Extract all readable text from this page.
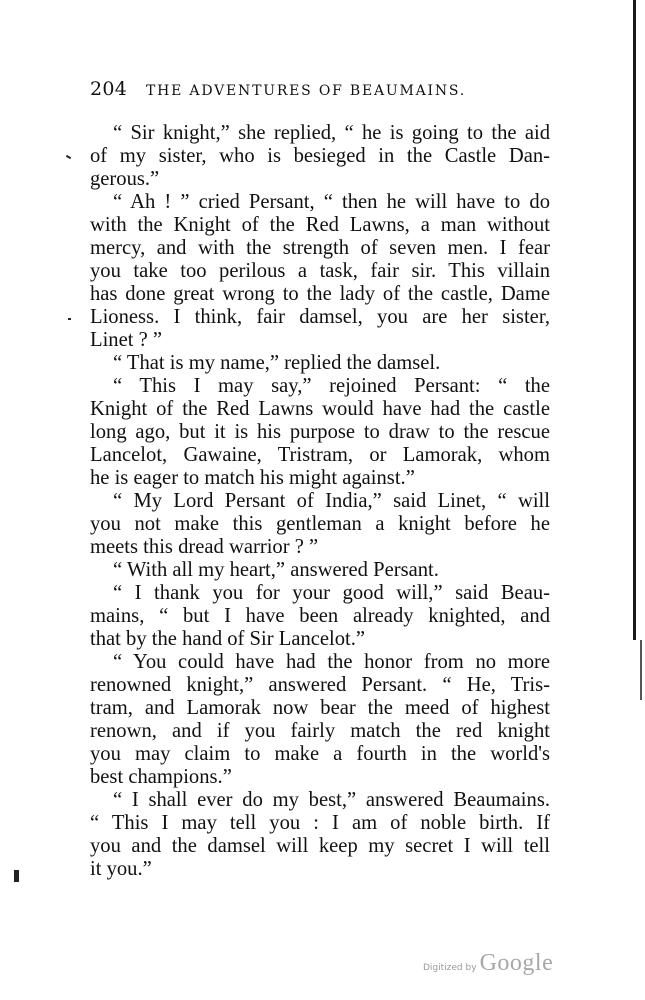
204	THE ADVENTURES OF BEAUMAINS.
“ Sir knight,” she replied, “ he is going to the aid
of my sister, who is besieged in the Castle Dan-
gerous.”
“ Ah ! ” cried Persant, “ then he will have to do
with the Knight of the Red Lawns, a man without
mercy, and with the strength of seven men. I fear
you take too perilous a task, fair sir. This villain
has done great wrong to the lady of the castle, Dame
Lioness. I think, fair damsel, you are her sister,
Linet ? ”
“ That is my name,” replied the damsel.
“ This I may say,” rejoined Persant: “ the
Knight of the Red Lawns would have had the castle
long ago, but it is his purpose to draw to the rescue
Lancelot, Gawaine, Tristram, or Lamorak, whom
he is eager to match his might against.”
“ My Lord Persant of India,” said Linet, “ will
you not make this gentleman a knight before he
meets this dread warrior ? ”
“ With all my heart,” answered Persant.
“ I thank you for your good will,” said Beau-
mains, “ but I have been already knighted, and
that by the hand of Sir Lancelot.”
“ You could have had the honor from no more
renowned knight,” answered Persant. “ He, Tris-
tram, and Lamorak now bear the meed of highest
renown, and if you fairly match the red knight
you may claim to make a fourth in the world's
best champions.”
“ I shall ever do my best,” answered Beaumains.
“ This I may tell you : I am of noble birth. If
you and the damsel will keep my secret I will tell
it you.”
Digitized by Google
